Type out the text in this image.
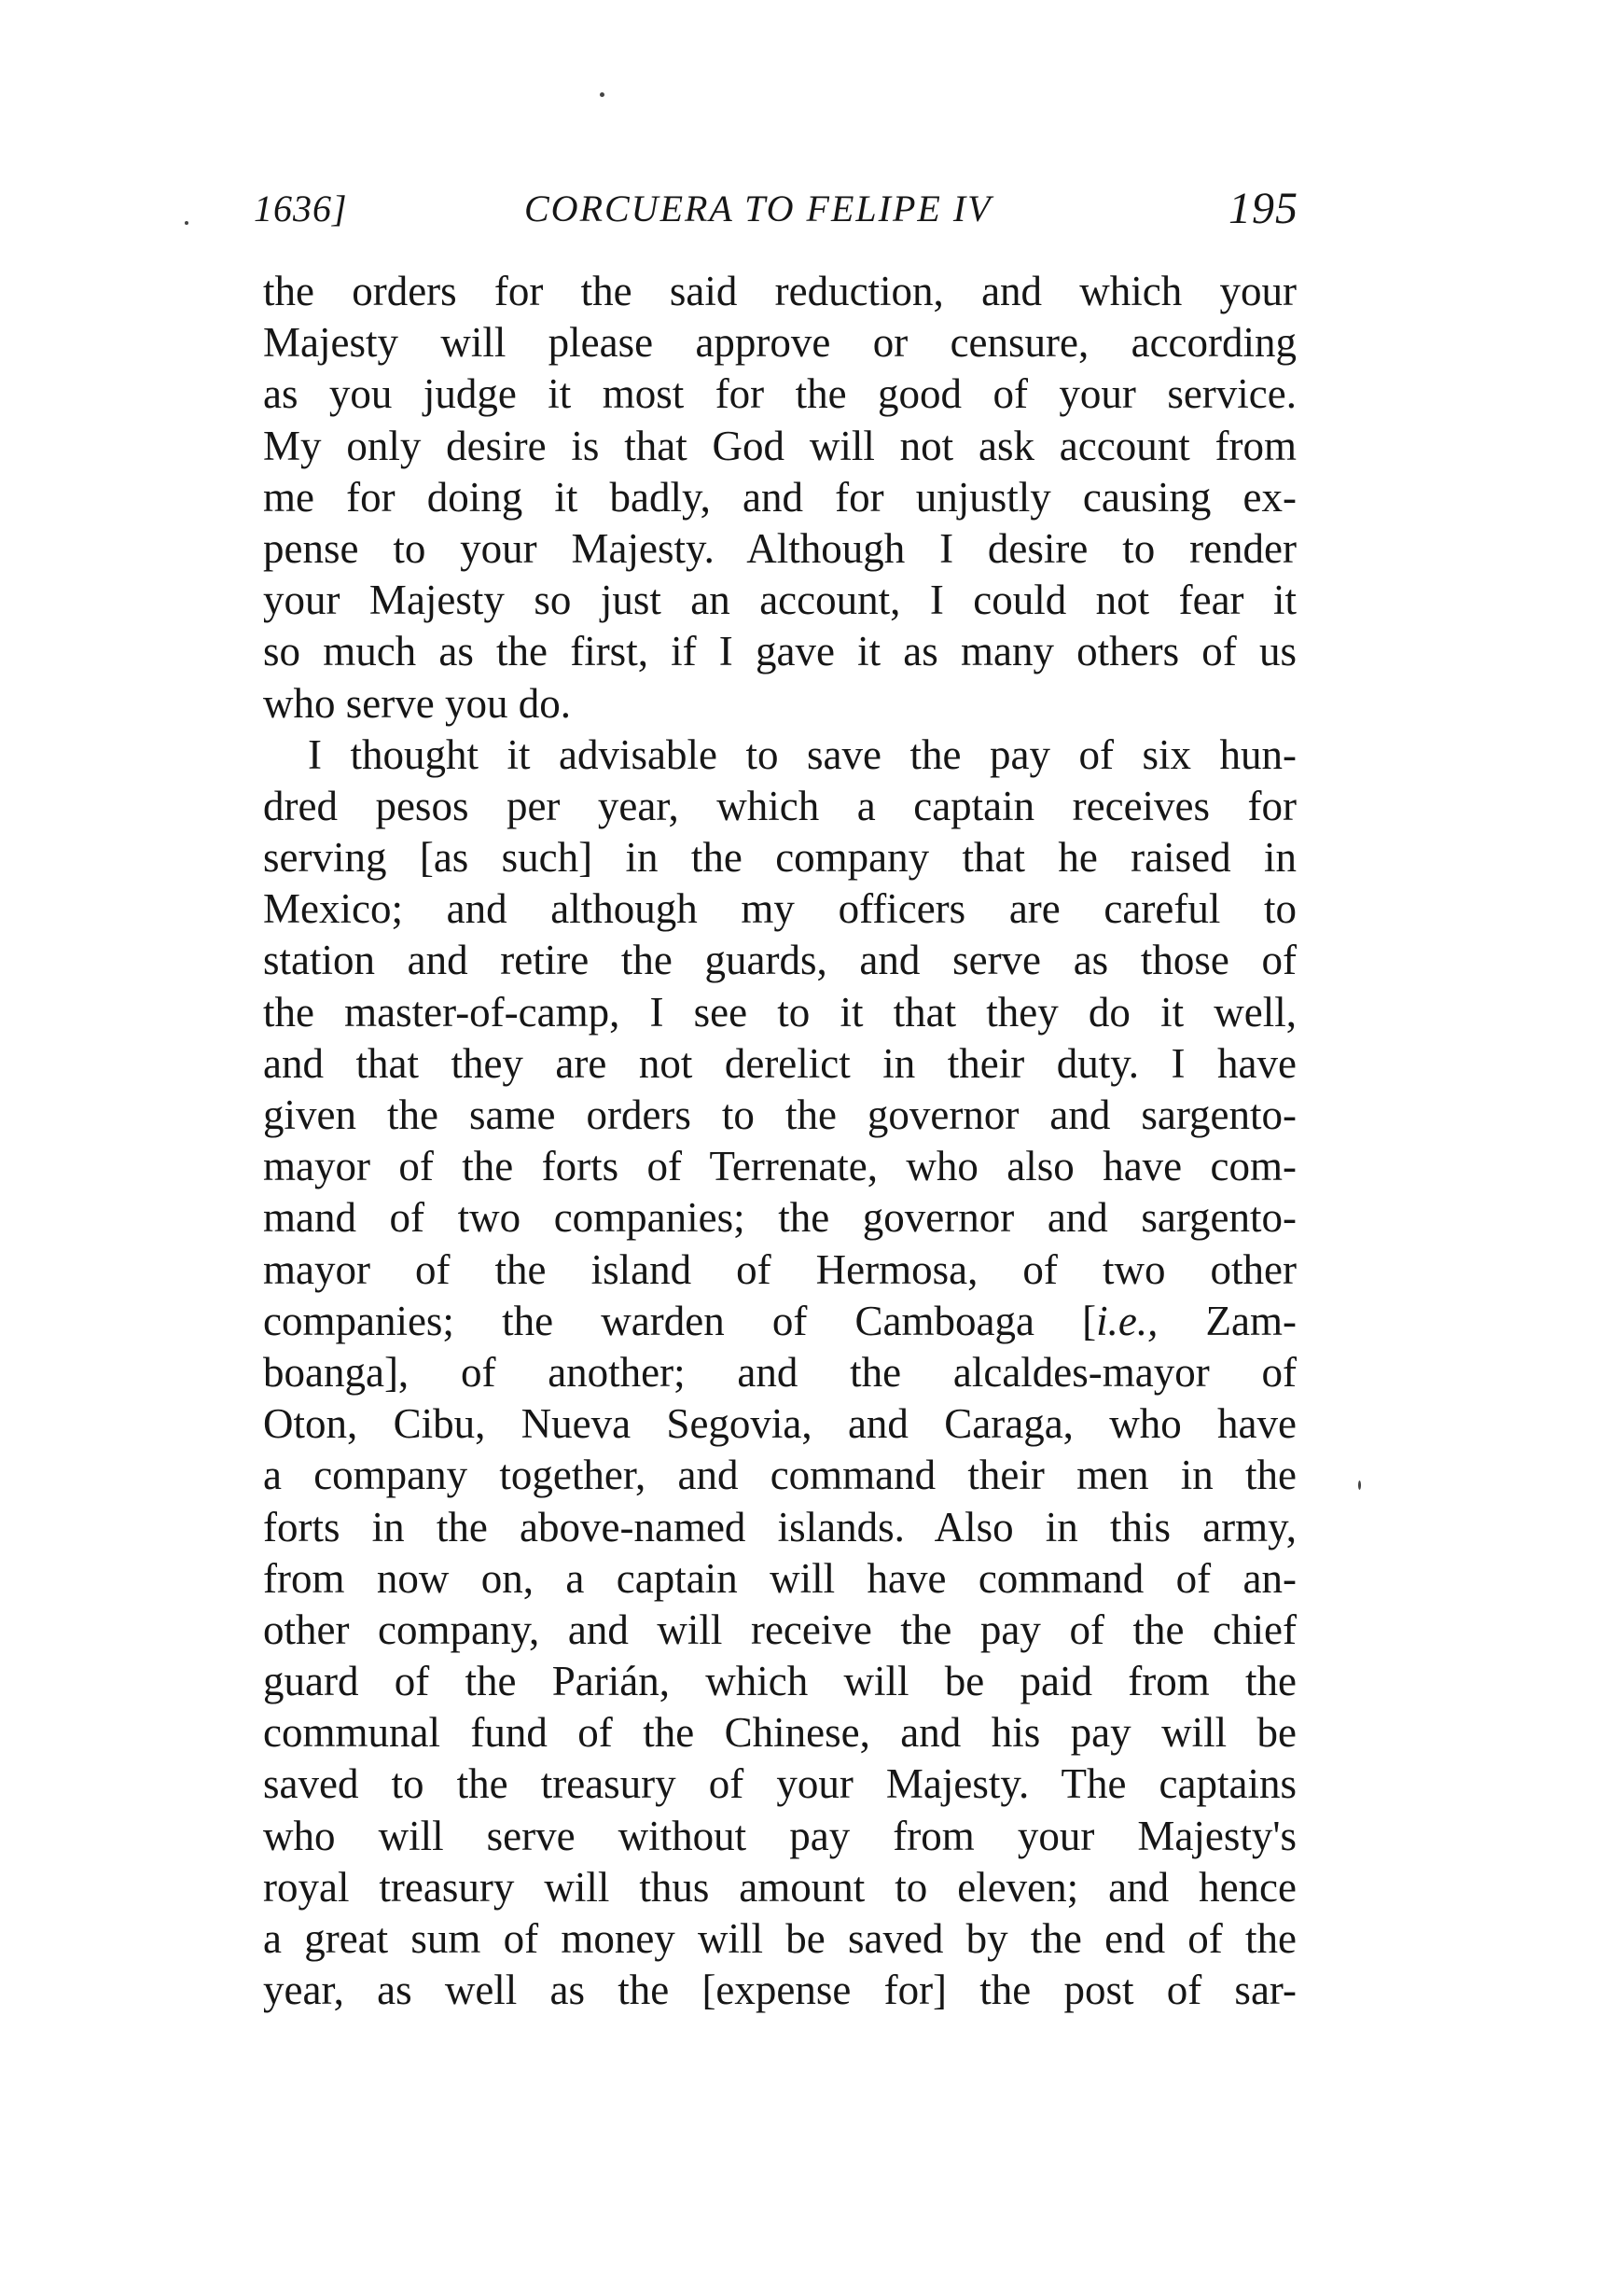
1636]	CORCUERA TO FELIPE IV	195
the orders for the said reduction, and which your
Majesty will please approve or censure, according
as you judge it most for the good of your service.
My only desire is that God will not ask account from
me for doing it badly, and for unjustly causing ex-
pense to your Majesty. Although I desire to render
your Majesty so just an account, I could not fear it
so much as the first, if I gave it as many others of us
who serve you do.
I thought it advisable to save the pay of six hun-
dred pesos per year, which a captain receives for
serving [as such] in the company that he raised in
Mexico; and although my officers are careful to
station and retire the guards, and serve as those of
the master-of-camp, I see to it that they do it well,
and that they are not derelict in their duty. I have
given the same orders to the governor and sargento-
mayor of the forts of Terrenate, who also have com-
mand of two companies; the governor and sargento-
mayor of the island of Hermosa, of two other
companies; the warden of Camboaga [i.e., Zam-
boanga], of another; and the alcaldes-mayor of
Oton, Cibu, Nueva Segovia, and Caraga, who have
a company together, and command their men in the
forts in the above-named islands. Also in this army,
from now on, a captain will have command of an-
other company, and will receive the pay of the chief
guard of the Parián, which will be paid from the
communal fund of the Chinese, and his pay will be
saved to the treasury of your Majesty. The captains
who will serve without pay from your Majesty's
royal treasury will thus amount to eleven; and hence
a great sum of money will be saved by the end of the
year, as well as the [expense for] the post of sar-
